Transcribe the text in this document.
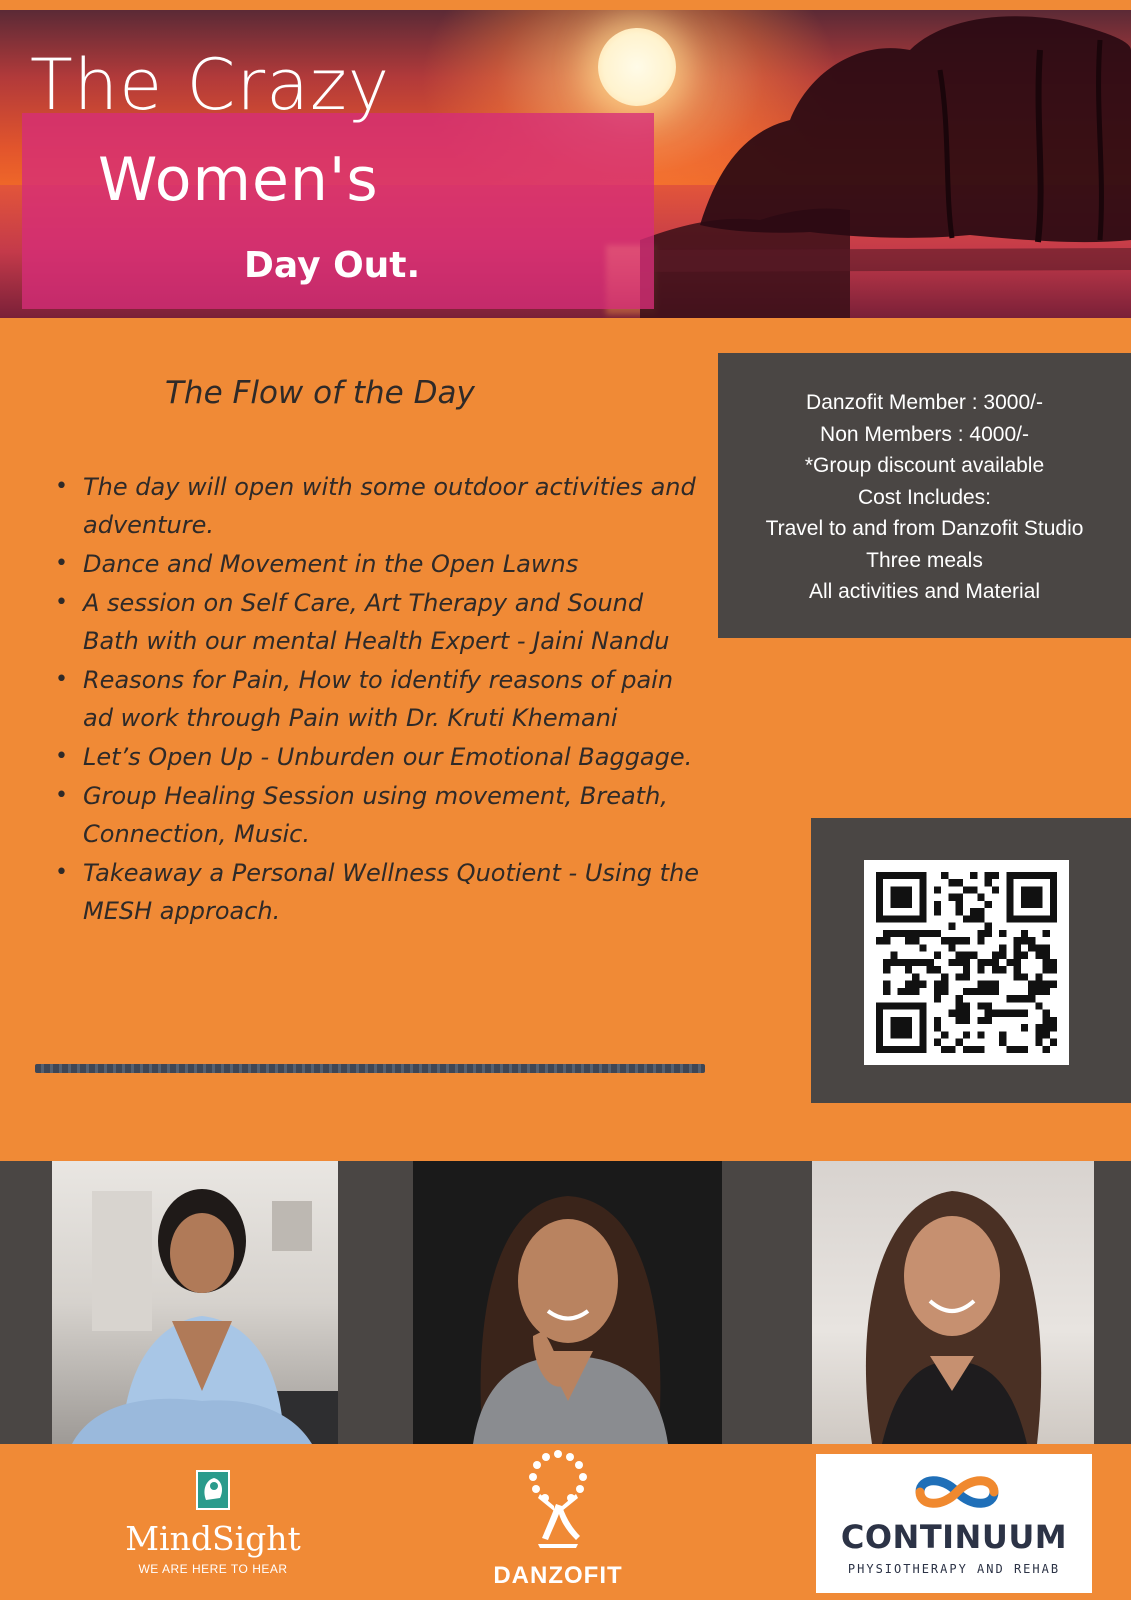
The Crazy
Women's
Day Out.
The Flow of the Day
• The day will open with some outdoor activities and adventure.
• Dance and Movement in the Open Lawns
• A session on Self Care, Art Therapy and Sound Bath with our mental Health Expert - Jaini Nandu
• Reasons for Pain, How to identify reasons of pain ad work through Pain with Dr. Kruti Khemani
• Let’s Open Up - Unburden our Emotional Baggage.
• Group Healing Session using movement, Breath, Connection, Music.
• Takeaway a Personal Wellness Quotient - Using the MESH approach.
Danzofit Member : 3000/-
Non Members : 4000/-
*Group discount available
Cost Includes:
Travel to and from Danzofit Studio
Three meals
All activities and Material
MindSight
WE ARE HERE TO HEAR	DANZOFIT
CONTINUUM
PHYSIOTHERAPY AND REHAB
